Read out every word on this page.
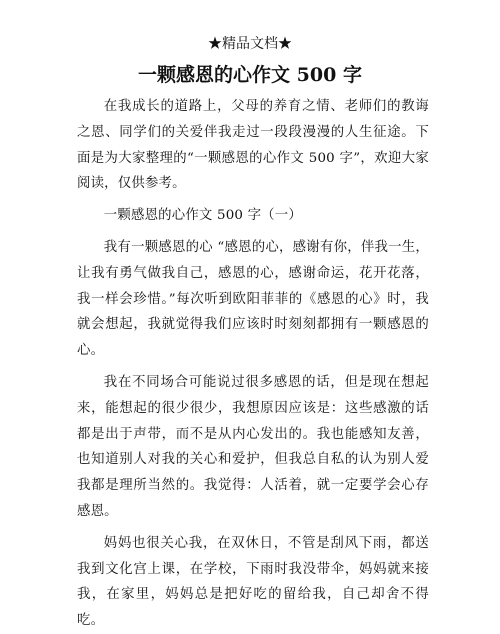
★精品文档★
一颗感恩的心作文 500 字

在我成长的道路上，父母的养育之情、老师们的教诲之恩、同学们的关爱伴我走过一段段漫漫的人生征途。下面是为大家整理的“一颗感恩的心作文 500 字”，欢迎大家阅读，仅供参考。

一颗感恩的心作文 500 字（一）

我有一颗感恩的心 “感恩的心，感谢有你，伴我一生，让我有勇气做我自己，感恩的心，感谢命运，花开花落，我一样会珍惜。”每次听到欧阳菲菲的《感恩的心》时，我就会想起，我就觉得我们应该时时刻刻都拥有一颗感恩的心。

我在不同场合可能说过很多感恩的话，但是现在想起来，能想起的很少很少，我想原因应该是：这些感激的话都是出于声带，而不是从内心发出的。我也能感知友善，也知道别人对我的关心和爱护，但我总自私的认为别人爱我都是理所当然的。我觉得：人活着，就一定要学会心存感恩。

妈妈也很关心我，在双休日，不管是刮风下雨，都送我到文化宫上课，在学校，下雨时我没带伞，妈妈就来接我，在家里，妈妈总是把好吃的留给我，自己却舍不得吃。
